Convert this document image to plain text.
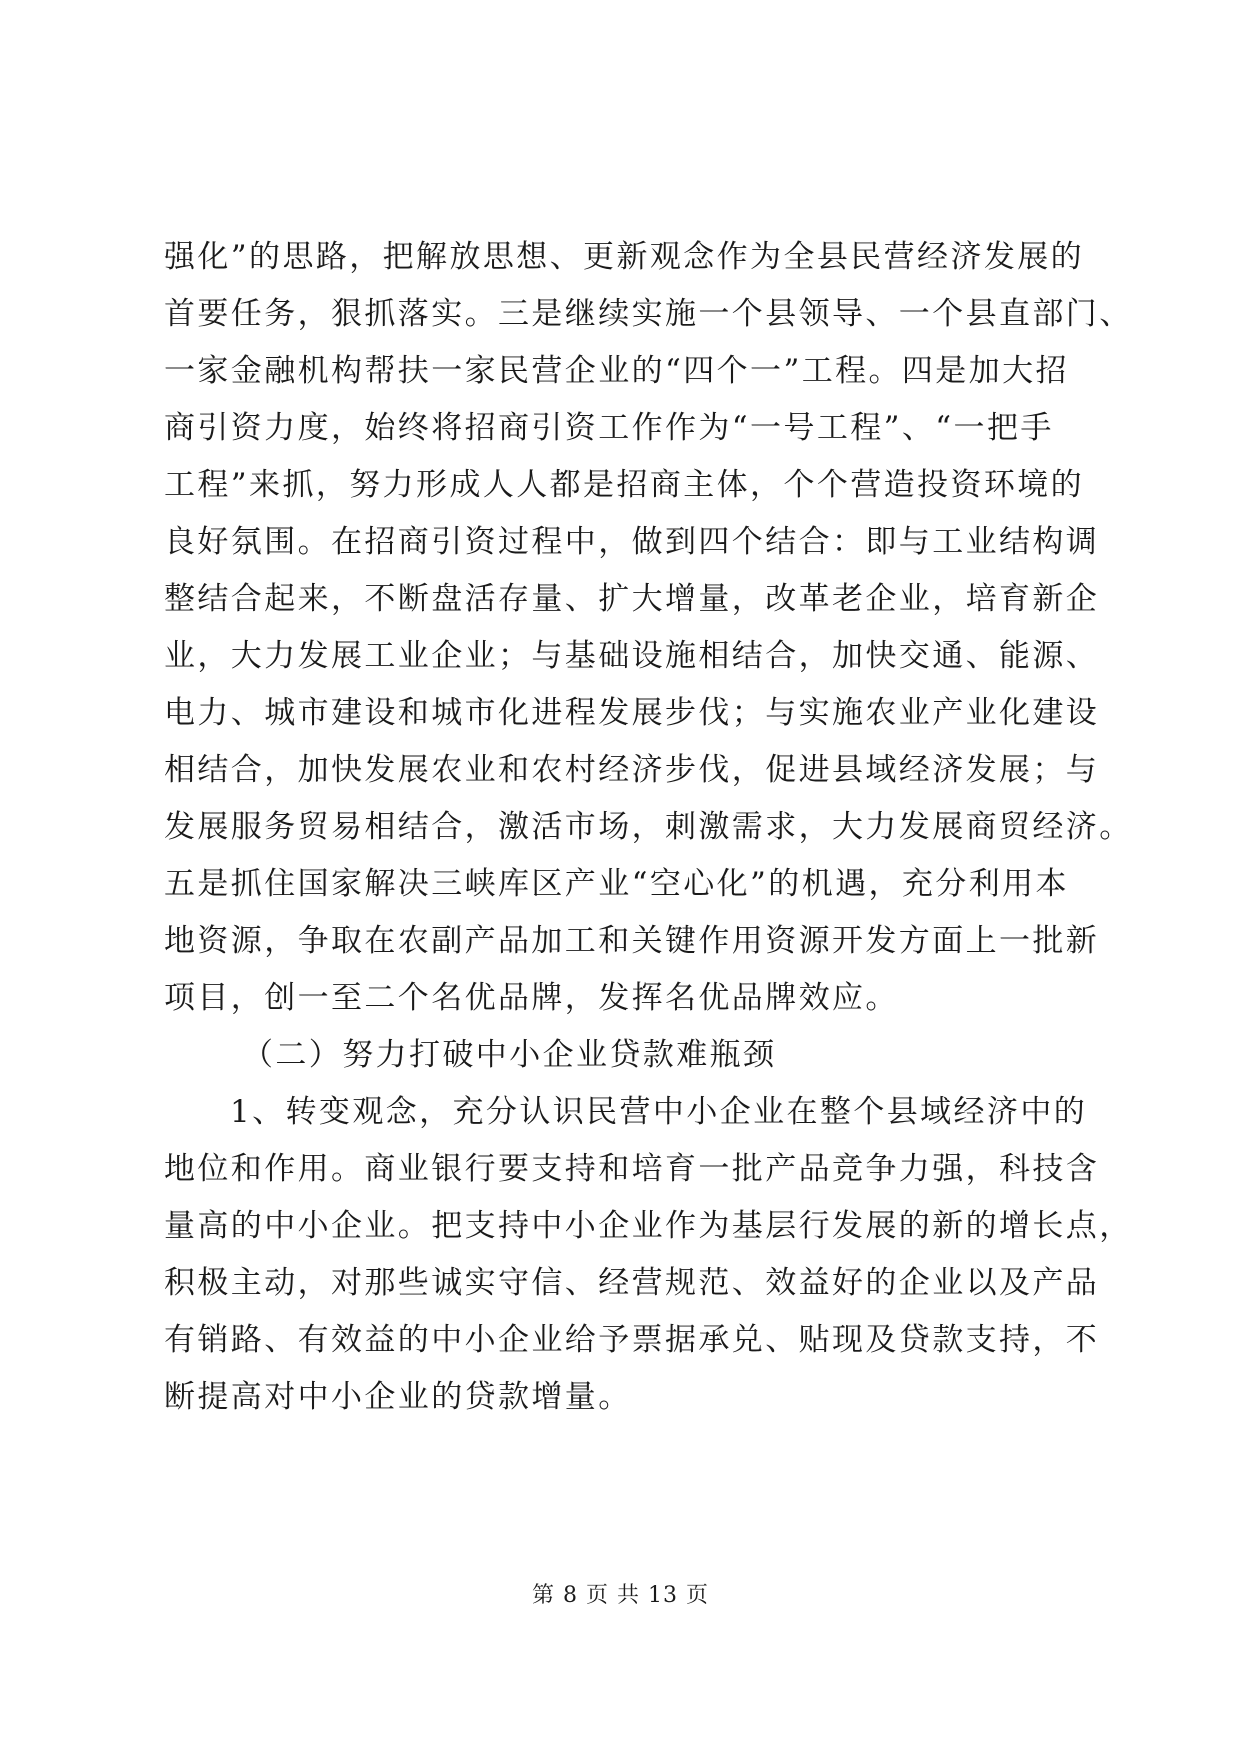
强化”的思路，把解放思想、更新观念作为全县民营经济发展的
首要任务，狠抓落实。三是继续实施一个县领导、一个县直部门、
一家金融机构帮扶一家民营企业的“四个一”工程。四是加大招
商引资力度，始终将招商引资工作作为“一号工程”、“一把手
工程”来抓，努力形成人人都是招商主体，个个营造投资环境的
良好氛围。在招商引资过程中，做到四个结合：即与工业结构调
整结合起来，不断盘活存量、扩大增量，改革老企业，培育新企
业，大力发展工业企业；与基础设施相结合，加快交通、能源、
电力、城市建设和城市化进程发展步伐；与实施农业产业化建设
相结合，加快发展农业和农村经济步伐，促进县域经济发展；与
发展服务贸易相结合，激活市场，刺激需求，大力发展商贸经济。
五是抓住国家解决三峡库区产业“空心化”的机遇，充分利用本
地资源，争取在农副产品加工和关键作用资源开发方面上一批新
项目，创一至二个名优品牌，发挥名优品牌效应。
（二）努力打破中小企业贷款难瓶颈
1、转变观念，充分认识民营中小企业在整个县域经济中的
地位和作用。商业银行要支持和培育一批产品竞争力强，科技含
量高的中小企业。把支持中小企业作为基层行发展的新的增长点，
积极主动，对那些诚实守信、经营规范、效益好的企业以及产品
有销路、有效益的中小企业给予票据承兑、贴现及贷款支持，不
断提高对中小企业的贷款增量。
第 8 页 共 13 页
